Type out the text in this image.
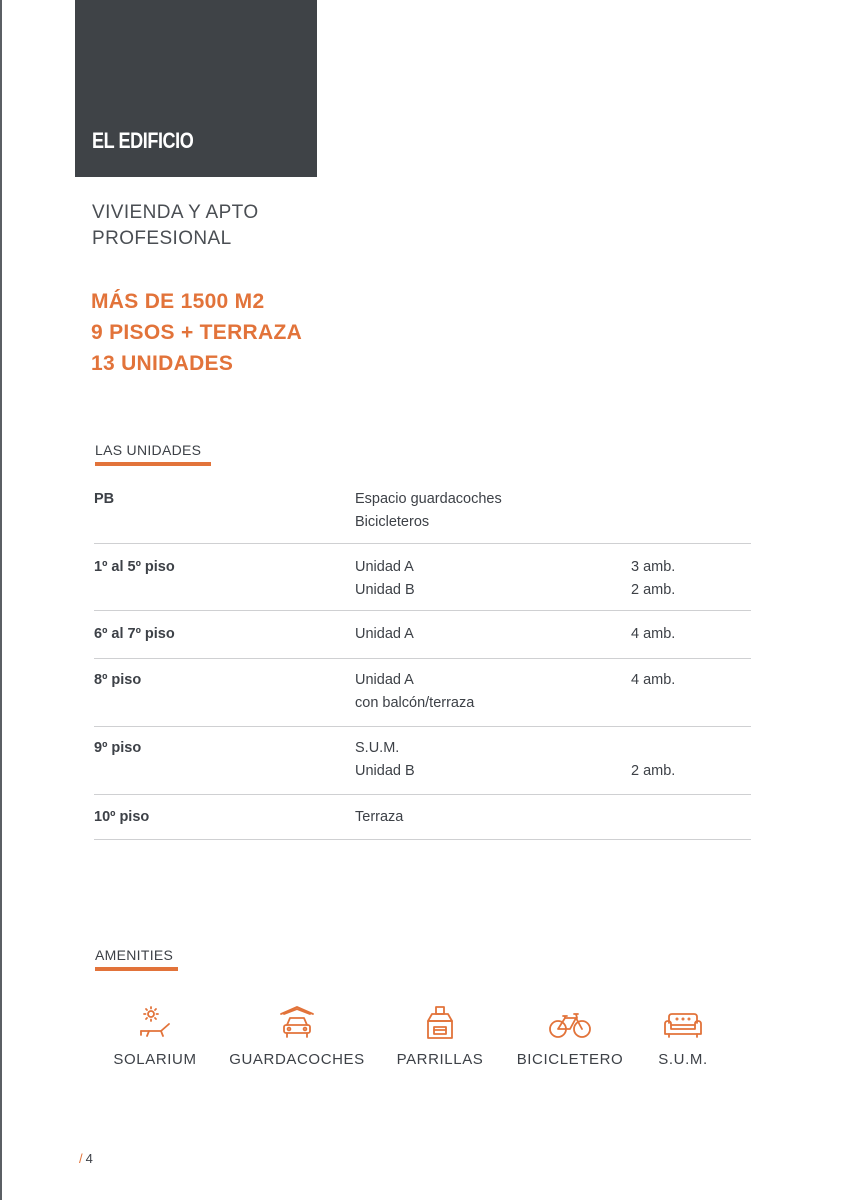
EL EDIFICIO
VIVIENDA Y APTO
PROFESIONAL
MÁS DE 1500 M2
9 PISOS + TERRAZA
13 UNIDADES
LAS UNIDADES
PB	Espacio guardacoches
Bicicleteros
1º al 5º piso	Unidad A	3 amb.
Unidad B	2 amb.
6º al 7º piso	Unidad A	4 amb.
8º piso	Unidad A	4 amb.
con balcón/terraza
9º piso	S.U.M.
Unidad B	2 amb.
10º piso	Terraza
AMENITIES
SOLARIUM	GUARDACOCHES	PARRILLAS	BICICLETERO	S.U.M.
/ 4
